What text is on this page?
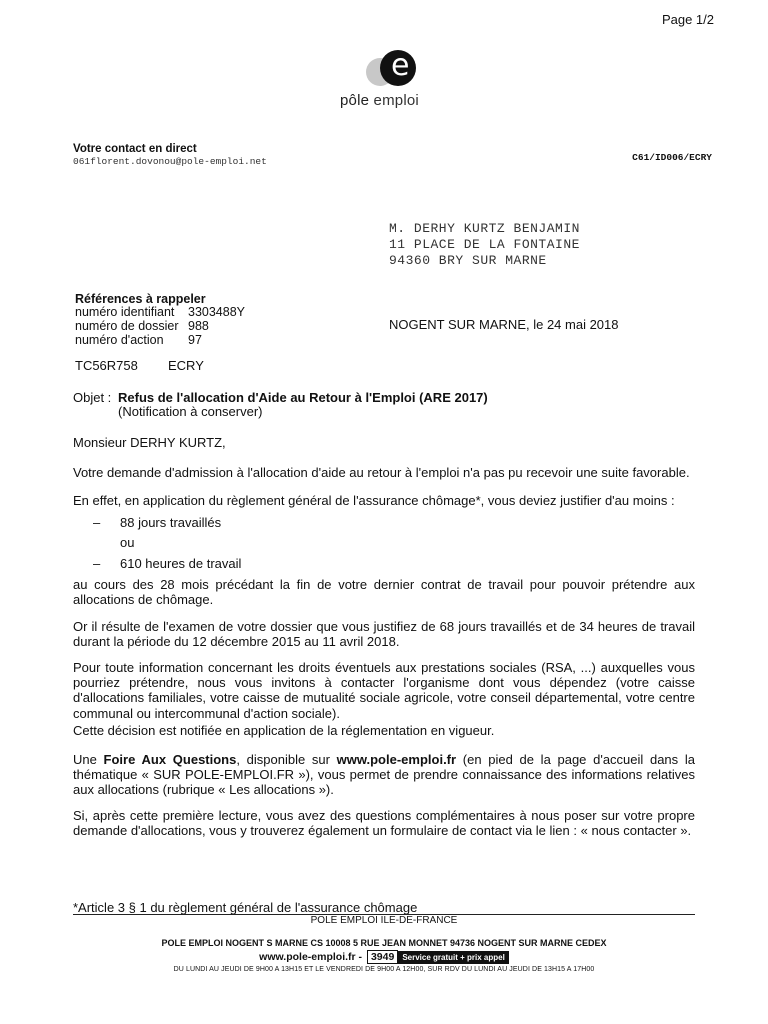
Page 1/2
e
pôle emploi
Votre contact en direct
061florent.dovonou@pole-emploi.net	C61/ID006/ECRY
M. DERHY KURTZ BENJAMIN
11 PLACE DE LA FONTAINE
94360 BRY SUR MARNE
Références à rappeler
numéro identifiant 3303488Y
numéro de dossier 988
numéro d'action 97
NOGENT SUR MARNE, le 24 mai 2018
TC56R758 ECRY
Objet : Refus de l'allocation d'Aide au Retour à l'Emploi (ARE 2017)
(Notification à conserver)
Monsieur DERHY KURTZ,
Votre demande d'admission à l'allocation d'aide au retour à l'emploi n'a pas pu recevoir une suite favorable.
En effet, en application du règlement général de l'assurance chômage*, vous deviez justifier d'au moins :
– 88 jours travaillés
ou
– 610 heures de travail
au cours des 28 mois précédant la fin de votre dernier contrat de travail pour pouvoir prétendre aux allocations de chômage.
Or il résulte de l'examen de votre dossier que vous justifiez de 68 jours travaillés et de 34 heures de travail durant la période du 12 décembre 2015 au 11 avril 2018.
Pour toute information concernant les droits éventuels aux prestations sociales (RSA, ...) auxquelles vous pourriez prétendre, nous vous invitons à contacter l'organisme dont vous dépendez (votre caisse d'allocations familiales, votre caisse de mutualité sociale agricole, votre conseil départemental, votre centre communal ou intercommunal d'action sociale).
Cette décision est notifiée en application de la réglementation en vigueur.
Une Foire Aux Questions, disponible sur www.pole-emploi.fr (en pied de la page d'accueil dans la thématique « SUR POLE-EMPLOI.FR »), vous permet de prendre connaissance des informations relatives aux allocations (rubrique « Les allocations »).
Si, après cette première lecture, vous avez des questions complémentaires à nous poser sur votre propre demande d'allocations, vous y trouverez également un formulaire de contact via le lien : « nous contacter ».
*Article 3 § 1 du règlement général de l'assurance chômage
POLE EMPLOI ILE-DE-FRANCE
POLE EMPLOI NOGENT S MARNE CS 10008 5 RUE JEAN MONNET 94736 NOGENT SUR MARNE CEDEX
www.pole-emploi.fr - 3949 Service gratuit + prix appel
DU LUNDI AU JEUDI DE 9H00 A 13H15 ET LE VENDREDI DE 9H00 A 12H00, SUR RDV DU LUNDI AU JEUDI DE 13H15 A 17H00
